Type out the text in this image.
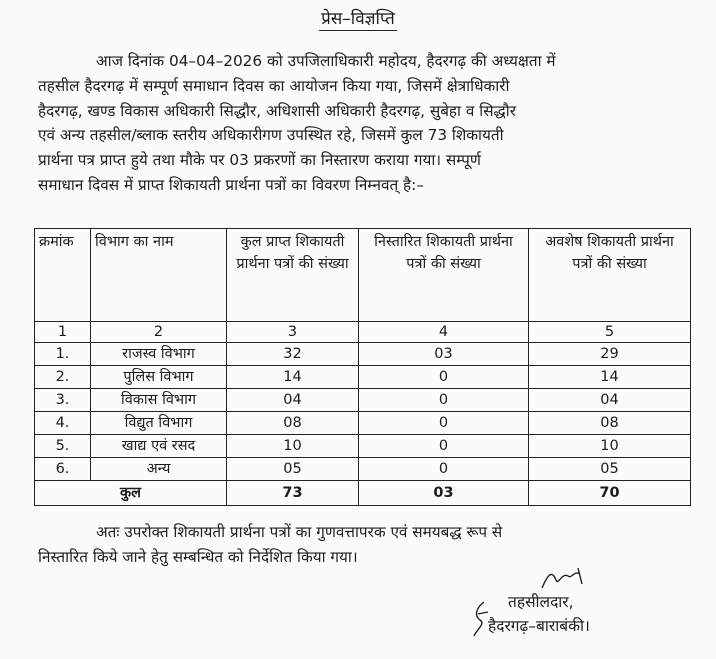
प्रेस–विज्ञप्ति
आज दिनांक 04–04–2026 को उपजिलाधिकारी महोदय, हैदरगढ़ की अध्यक्षता में
तहसील हैदरगढ़ में सम्पूर्ण समाधान दिवस का आयोजन किया गया, जिसमें क्षेत्राधिकारी
हैदरगढ़, खण्ड विकास अधिकारी सिद्धौर, अधिशासी अधिकारी हैदरगढ़, सुबेहा व सिद्धौर
एवं अन्य तहसील/ब्लाक स्तरीय अधिकारीगण उपस्थित रहे, जिसमें कुल 73 शिकायती
प्रार्थना पत्र प्राप्त हुये तथा मौके पर 03 प्रकरणों का निस्तारण कराया गया। सम्पूर्ण
समाधान दिवस में प्राप्त शिकायती प्रार्थना पत्रों का विवरण निम्नवत् है:–
क्रमांक	विभाग का नाम	कुल प्राप्त शिकायती प्रार्थना पत्रों की संख्या	निस्तारित शिकायती प्रार्थना पत्रों की संख्या	अवशेष शिकायती प्रार्थना पत्रों की संख्या
1	2	3	4	5
1.	राजस्व विभाग	32	03	29
2.	पुलिस विभाग	14	0	14
3.	विकास विभाग	04	0	04
4.	विद्युत विभाग	08	0	08
5.	खाद्य एवं रसद	10	0	10
6.	अन्य	05	0	05
कुल		73	03	70
अतः उपरोक्त शिकायती प्रार्थना पत्रों का गुणवत्तापरक एवं समयबद्ध रूप से
निस्तारित किये जाने हेतु सम्बन्धित को निर्देशित किया गया।
तहसीलदार,
हैदरगढ़–बाराबंकी।
